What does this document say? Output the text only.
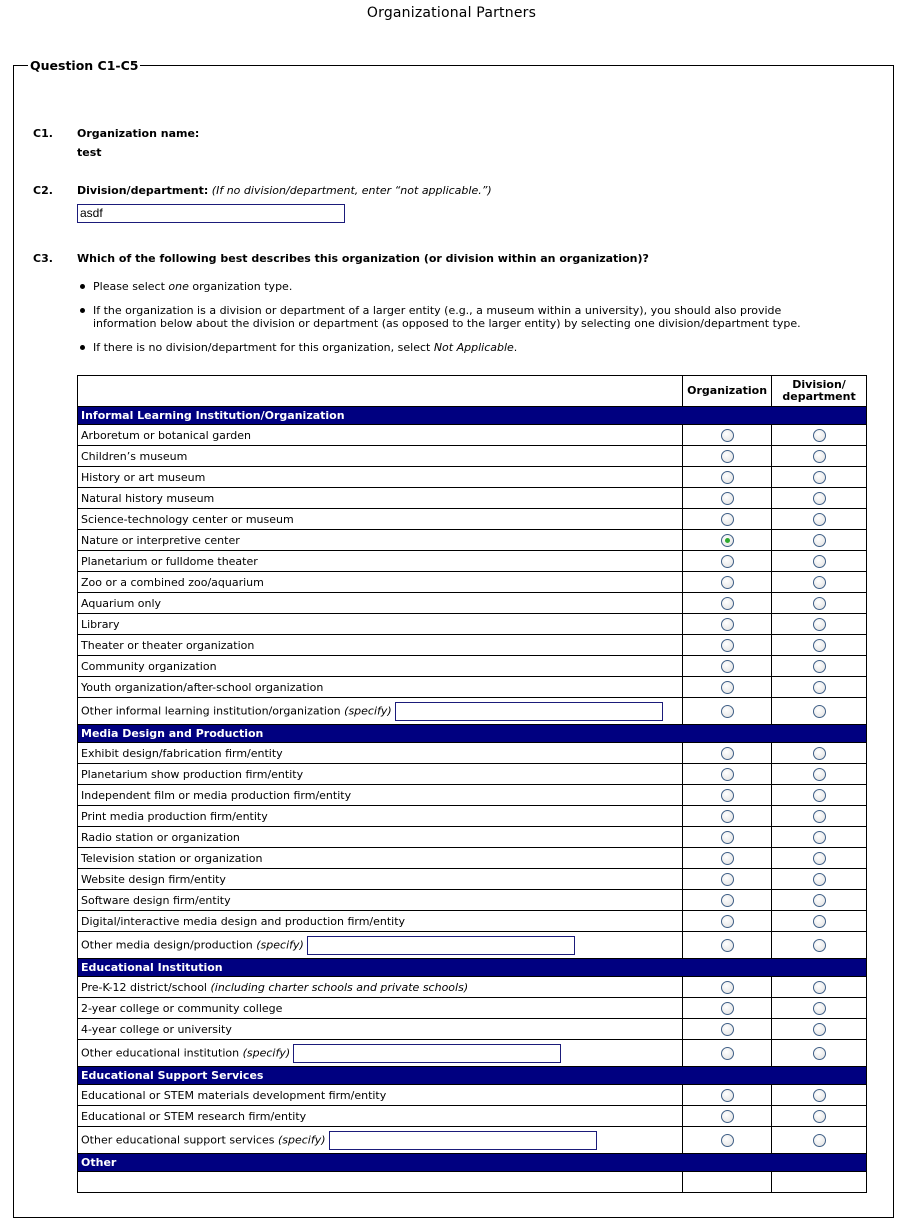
Organizational Partners
Question C1-C5
C1. Organization name:
test
C2. Division/department: (If no division/department, enter “not applicable.”)
asdf
C3. Which of the following best describes this organization (or division within an organization)?
Please select one organization type.
If the organization is a division or department of a larger entity (e.g., a museum within a university), you should also provide information below about the division or department (as opposed to the larger entity) by selecting one division/department type.
If there is no division/department for this organization, select Not Applicable.
	Organization	Division/
department
Informal Learning Institution/Organization		
Arboretum or botanical garden		
Children’s museum		
History or art museum		
Natural history museum		
Science-technology center or museum		
Nature or interpretive center		
Planetarium or fulldome theater		
Zoo or a combined zoo/aquarium		
Aquarium only		
Library		
Theater or theater organization		
Community organization		
Youth organization/after-school organization		
Other informal learning institution/organization (specify)		
Media Design and Production		
Exhibit design/fabrication firm/entity		
Planetarium show production firm/entity		
Independent film or media production firm/entity		
Print media production firm/entity		
Radio station or organization		
Television station or organization		
Website design firm/entity		
Software design firm/entity		
Digital/interactive media design and production firm/entity		
Other media design/production (specify)		
Educational Institution		
Pre-K-12 district/school (including charter schools and private schools)		
2-year college or community college		
4-year college or university		
Other educational institution (specify)		
Educational Support Services		
Educational or STEM materials development firm/entity		
Educational or STEM research firm/entity		
Other educational support services (specify)		
Other		
